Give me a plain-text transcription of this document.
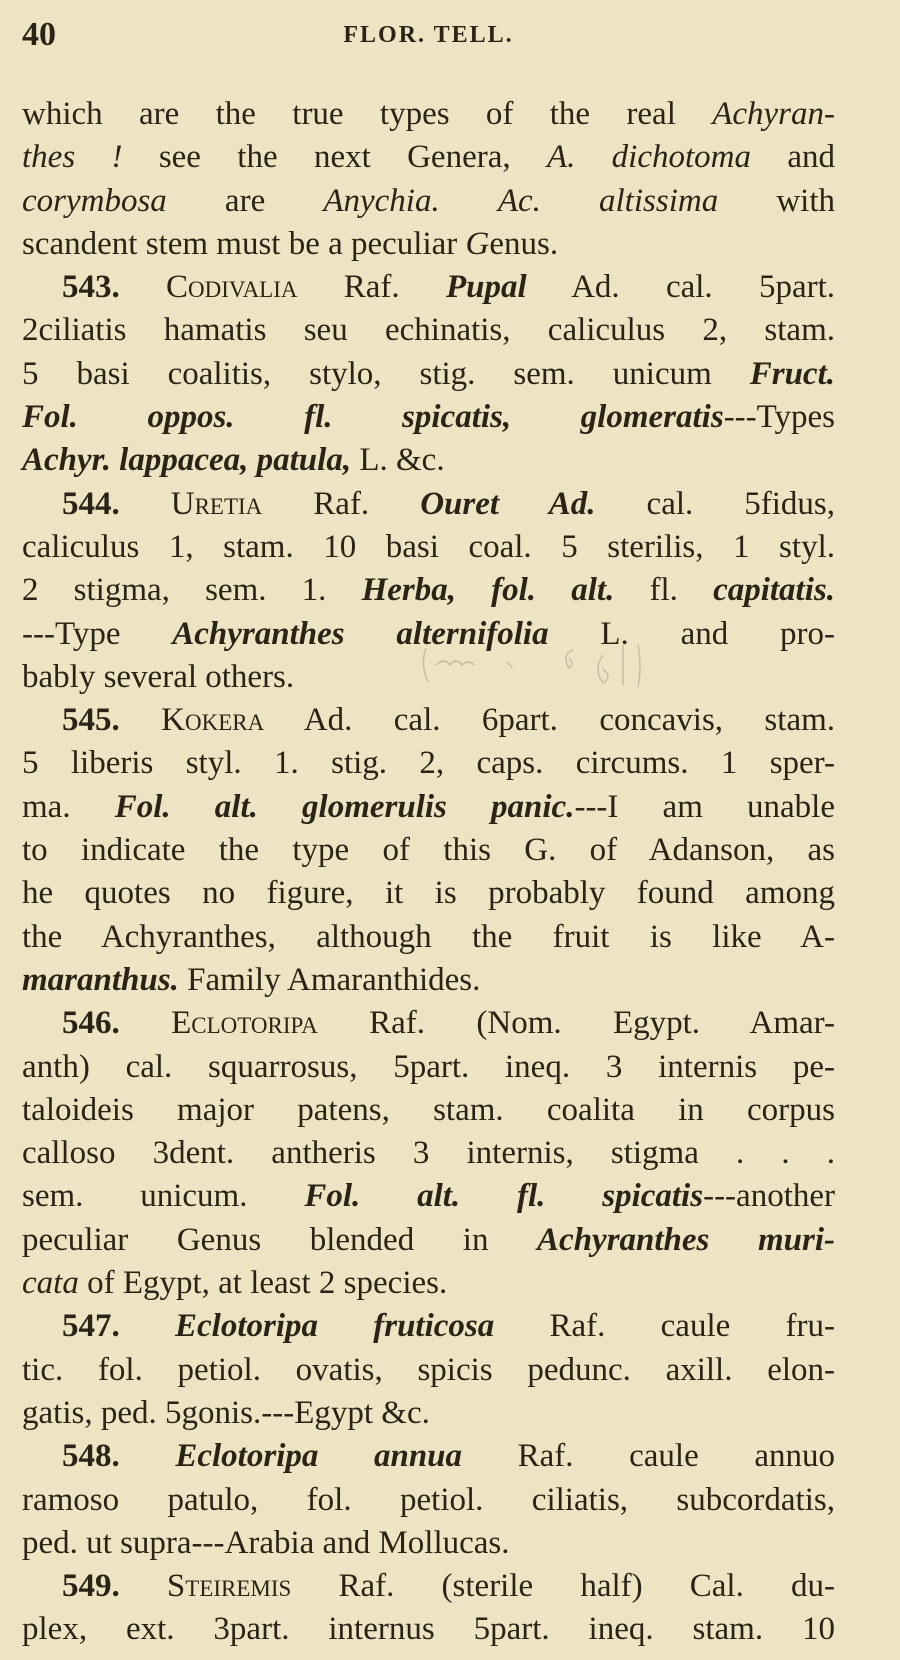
40	FLOR. TELL.
which are the true types of the real Achyran-
thes ! see the next Genera, A. dichotoma and
corymbosa are Anychia. Ac. altissima with
scandent stem must be a peculiar Genus.
543. Codivalia Raf. Pupal Ad. cal. 5part.
2ciliatis hamatis seu echinatis, caliculus 2, stam.
5 basi coalitis, stylo, stig. sem. unicum Fruct.
Fol. oppos. fl. spicatis, glomeratis---Types
Achyr. lappacea, patula, L. &c.
544. Uretia Raf. Ouret Ad. cal. 5fidus,
caliculus 1, stam. 10 basi coal. 5 sterilis, 1 styl.
2 stigma, sem. 1. Herba, fol. alt. fl. capitatis.
---Type Achyranthes alternifolia L. and pro-
bably several others.
545. Kokera Ad. cal. 6part. concavis, stam.
5 liberis styl. 1. stig. 2, caps. circums. 1 sper-
ma. Fol. alt. glomerulis panic.---I am unable
to indicate the type of this G. of Adanson, as
he quotes no figure, it is probably found among
the Achyranthes, although the fruit is like A-
maranthus. Family Amaranthides.
546. Eclotoripa Raf. (Nom. Egypt. Amar-
anth) cal. squarrosus, 5part. ineq. 3 internis pe-
taloideis major patens, stam. coalita in corpus
calloso 3dent. antheris 3 internis, stigma . . .
sem. unicum. Fol. alt. fl. spicatis---another
peculiar Genus blended in Achyranthes muri-
cata of Egypt, at least 2 species.
547. Eclotoripa fruticosa Raf. caule fru-
tic. fol. petiol. ovatis, spicis pedunc. axill. elon-
gatis, ped. 5gonis.---Egypt &c.
548. Eclotoripa annua Raf. caule annuo
ramoso patulo, fol. petiol. ciliatis, subcordatis,
ped. ut supra---Arabia and Mollucas.
549. Steiremis Raf. (sterile half) Cal. du-
plex, ext. 3part. internus 5part. ineq. stam. 10
